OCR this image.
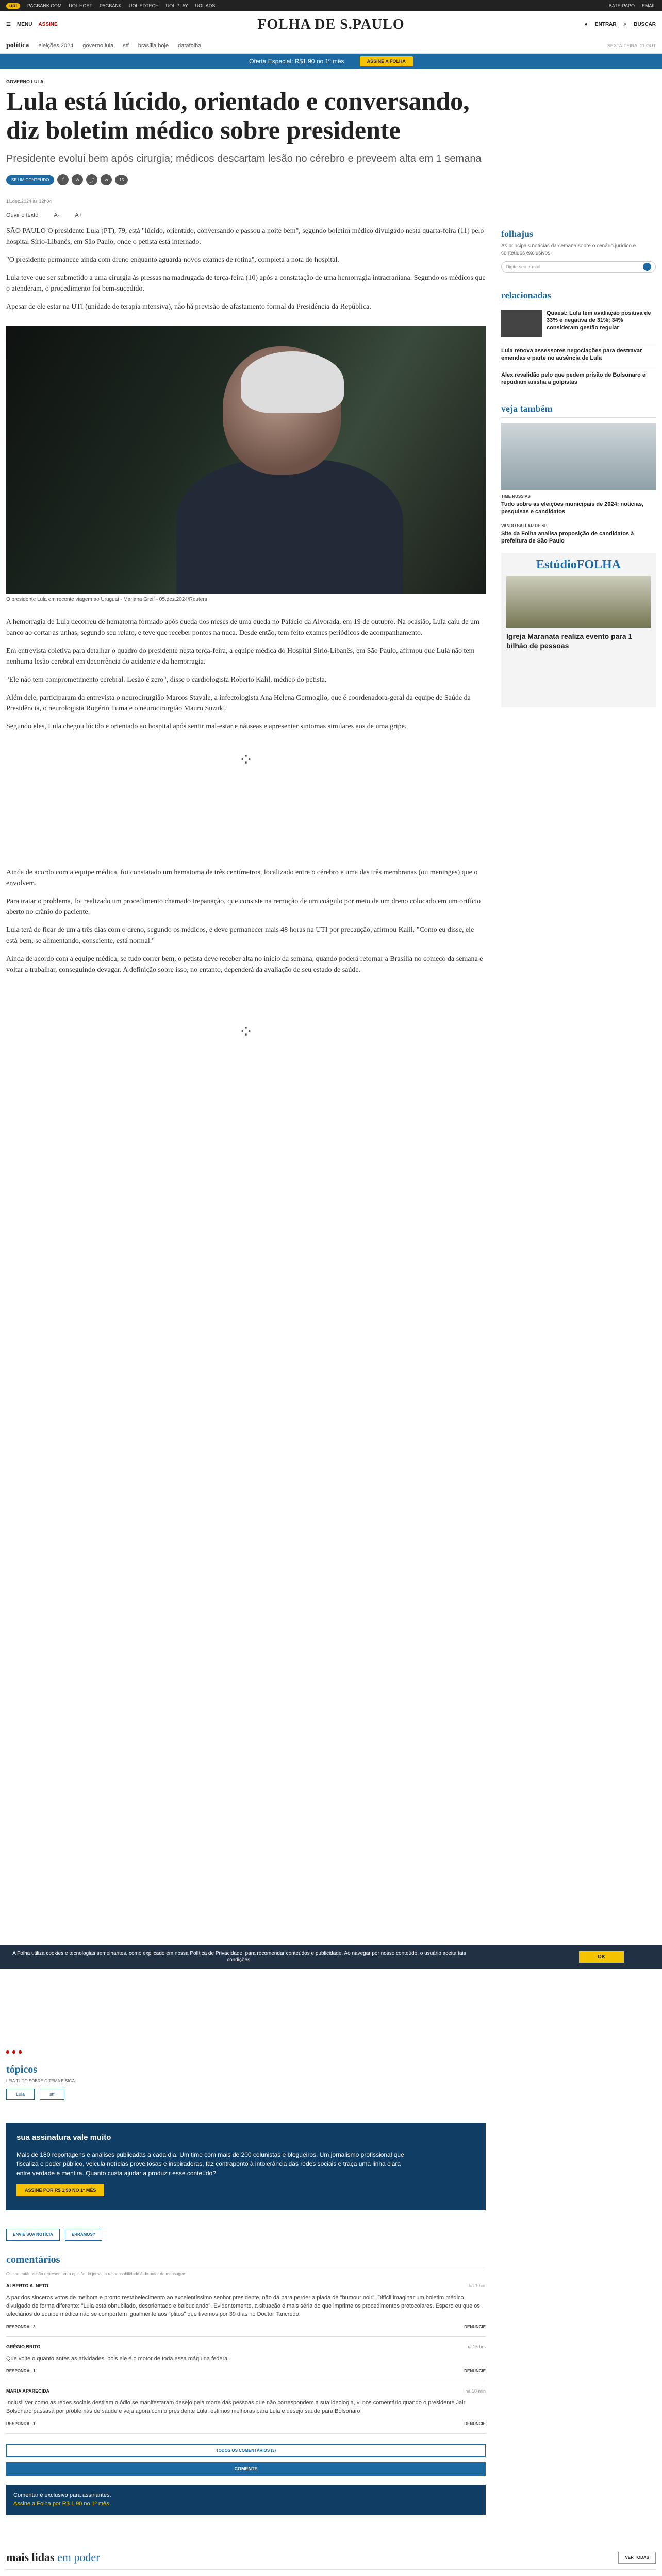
uol	PAGBANK.COM UOL HOST PAGBANK UOL EDTECH UOL PLAY UOL ADS	BATE-PAPO EMAIL
☰ MENU ASSINE	FOLHA DE S.PAULO	● ENTRAR ⌕ BUSCAR
política eleições 2024 governo lula stf brasília hoje datafolha	SEXTA-FEIRA, 11 OUT
Oferta Especial: R$1,90 no 1º mês	ASSINE A FOLHA
GOVERNO LULA
Lula está lúcido, orientado e conversando, diz boletim médico sobre presidente
Presidente evolui bem após cirurgia; médicos descartam lesão no cérebro e preveem alta em 1 semana
SE UM CONTEÚDO	f	w	⤴	∞	15
11.dez.2024 às 12h04
Ouvir o texto	A-	A+

SÃO PAULO O presidente Lula (PT), 79, está "lúcido, orientado, conversando e passou a noite bem", segundo boletim médico divulgado nesta quarta-feira (11) pelo hospital Sírio-Libanês, em São Paulo, onde o petista está internado.

"O presidente permanece ainda com dreno enquanto aguarda novos exames de rotina", completa a nota do hospital.

Lula teve que ser submetido a uma cirurgia às pressas na madrugada de terça-feira (10) após a constatação de uma hemorragia intracraniana. Segundo os médicos que o atenderam, o procedimento foi bem-sucedido.

Apesar de ele estar na UTI (unidade de terapia intensiva), não há previsão de afastamento formal da Presidência da República.

O presidente Lula em recente viagem ao Uruguai - Mariana Greif - 05.dez.2024/Reuters

A hemorragia de Lula decorreu de hematoma formado após queda dos meses de uma queda no Palácio da Alvorada, em 19 de outubro. Na ocasião, Lula caiu de um banco ao cortar as unhas, segundo seu relato, e teve que receber pontos na nuca. Desde então, tem feito exames periódicos de acompanhamento.

Em entrevista coletiva para detalhar o quadro do presidente nesta terça-feira, a equipe médica do Hospital Sírio-Libanês, em São Paulo, afirmou que Lula não tem nenhuma lesão cerebral em decorrência do acidente e da hemorragia.

"Ele não tem comprometimento cerebral. Lesão é zero", disse o cardiologista Roberto Kalil, médico do petista.

Além dele, participaram da entrevista o neurocirurgião Marcos Stavale, a infectologista Ana Helena Germoglio, que é coordenadora-geral da equipe de Saúde da Presidência, o neurologista Rogério Tuma e o neurocirurgião Mauro Suzuki.

Segundo eles, Lula chegou lúcido e orientado ao hospital após sentir mal-estar e náuseas e apresentar sintomas similares aos de uma gripe.

⁘

Ainda de acordo com a equipe médica, foi constatado um hematoma de três centímetros, localizado entre o cérebro e uma das três membranas (ou meninges) que o envolvem.

Para tratar o problema, foi realizado um procedimento chamado trepanação, que consiste na remoção de um coágulo por meio de um dreno colocado em um orifício aberto no crânio do paciente.

Lula terá de ficar de um a três dias com o dreno, segundo os médicos, e deve permanecer mais 48 horas na UTI por precaução, afirmou Kalil. "Como eu disse, ele está bem, se alimentando, consciente, está normal."

Ainda de acordo com a equipe médica, se tudo correr bem, o petista deve receber alta no início da semana, quando poderá retornar a Brasília no começo da semana e voltar a trabalhar, conseguindo devagar. A definição sobre isso, no entanto, dependerá da avaliação de seu estado de saúde.

⁘
folhajus
As principais notícias da semana sobre o cenário jurídico e conteúdos exclusivos
Digite seu e-mail
relacionadas
Quaest: Lula tem avaliação positiva de 33% e negativa de 31%; 34% consideram gestão regular
Lula renova assessores negociações para destravar emendas e parte no ausência de Lula
Alex revalidão pelo que pedem prisão de Bolsonaro e repudiam anistia a golpistas
veja também
TIME RUSSIAS
Tudo sobre as eleições municipais de 2024: notícias, pesquisas e candidatos
VANDO SALLAR DE SP
Site da Folha analisa proposição de candidatos à prefeitura de São Paulo
EstúdioFOLHA
Igreja Maranata realiza evento para 1 bilhão de pessoas
A Folha utiliza cookies e tecnologias semelhantes, como explicado em nossa Política de Privacidade, para recomendar conteúdos e publicidade. Ao navegar por nosso conteúdo, o usuário aceita tais condições.
OK
tópicos
LEIA TUDO SOBRE O TEMA E SIGA:
Lula	stf
sua assinatura vale muito

Mais de 180 reportagens e análises publicadas a cada dia. Um time com mais de 200 colunistas e blogueiros. Um jornalismo profissional que fiscaliza o poder público, veicula notícias proveitosas e inspiradoras, faz contraponto à intolerância das redes sociais e traça uma linha clara entre verdade e mentira. Quanto custa ajudar a produzir esse conteúdo?

ASSINE POR R$ 1,90 NO 1º MÊS
ENVIE SUA NOTÍCIA	ERRAMOS?
comentários
Os comentários não representam a opinião do jornal; a responsabilidade é do autor da mensagem.
ALBERTO A. NETO	há 1 hor
A par dos sinceros votos de melhora e pronto restabelecimento ao excelentíssimo senhor presidente, não dá para perder a piada de "humour noir". Difícil imaginar um boletim médico divulgado de forma diferente: "Lula está obnubilado, desorientado e balbuciando". Evidentemente, a situação é mais séria do que imprime os procedimentos protocolares. Espero eu que os telediários do equipe médica não se comportem igualmente aos "plitos" que tivemos por 39 dias no Doutor Tancredo.
RESPONDA · 3	DENUNCIE
GRÉGIO BRITO	há 15 hrs
Que volte o quanto antes as atividades, pois ele é o motor de toda essa máquina federal.
RESPONDA · 1	DENUNCIE
MARIA APARECIDA	há 10 min
Inclusil ver como as redes sociais destilam o ódio se manifestaram desejo pela morte das pessoas que não correspondem a sua ideologia, vi nos comentário quando o presidente Jair Bolsonaro passava por problemas de saúde e veja agora com o presidente Lula, estimos melhoras para Lula e desejo saúde para Bolsonaro.
RESPONDA · 1	DENUNCIE
TODOS OS COMENTÁRIOS (3)
COMENTE
Comentar é exclusivo para assinantes.
Assine a Folha por R$ 1,90 no 1º mês
mais lidas em poder	VER TODAS
